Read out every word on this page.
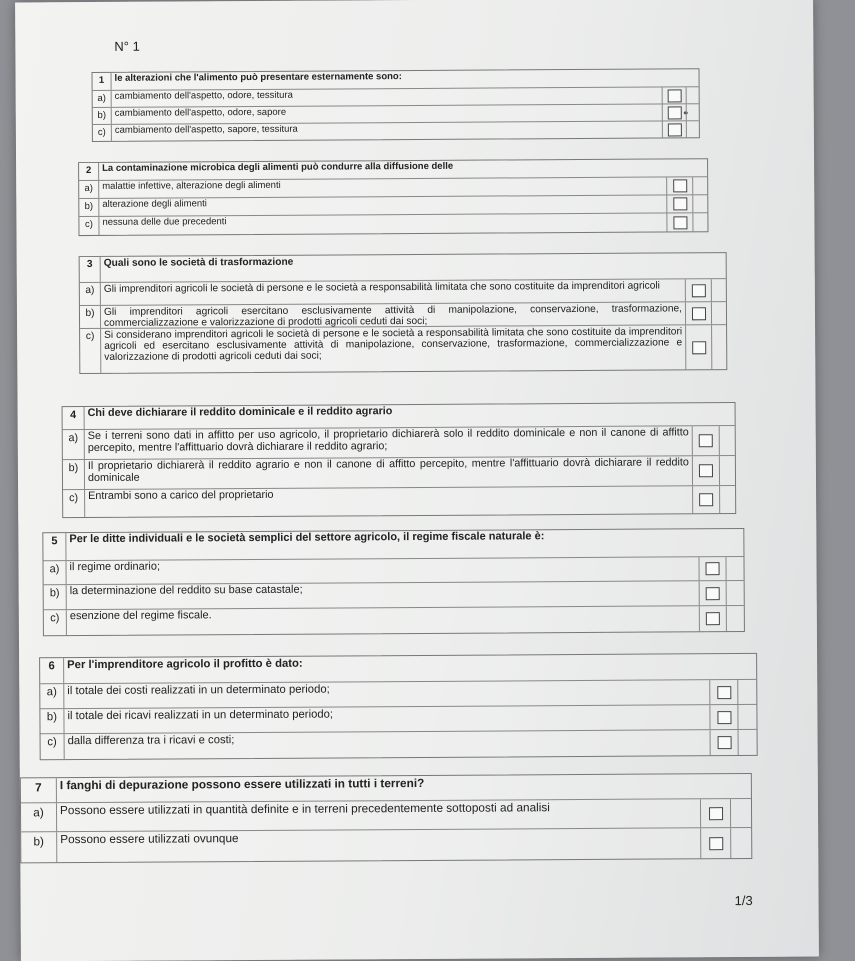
N° 1
1	le alterazioni che l'alimento può presentare esternamente sono:
a) cambiamento dell'aspetto, odore, tessitura
b) cambiamento dell'aspetto, odore, sapore
c) cambiamento dell'aspetto, sapore, tessitura
2	La contaminazione microbica degli alimenti può condurre alla diffusione delle
a) malattie infettive, alterazione degli alimenti
b) alterazione degli alimenti
c) nessuna delle due precedenti
3	Quali sono le società di trasformazione
a) Gli imprenditori agricoli le società di persone e le società a responsabilità limitata che sono costituite da imprenditori agricoli
b) Gli imprenditori agricoli esercitano esclusivamente attività di manipolazione, conservazione, trasformazione, commercializzazione e valorizzazione di prodotti agricoli ceduti dai soci;
c) Si considerano imprenditori agricoli le società di persone e le società a responsabilità limitata che sono costituite da imprenditori agricoli ed esercitano esclusivamente attività di manipolazione, conservazione, trasformazione, commercializzazione e valorizzazione di prodotti agricoli ceduti dai soci;
4	Chi deve dichiarare il reddito dominicale e il reddito agrario
a) Se i terreni sono dati in affitto per uso agricolo, il proprietario dichiarerà solo il reddito dominicale e non il canone di affitto percepito, mentre l'affittuario dovrà dichiarare il reddito agrario;
b) Il proprietario dichiarerà il reddito agrario e non il canone di affitto percepito, mentre l'affittuario dovrà dichiarare il reddito dominicale
c) Entrambi sono a carico del proprietario
5	Per le ditte individuali e le società semplici del settore agricolo, il regime fiscale naturale è:
a) il regime ordinario;
b) la determinazione del reddito su base catastale;
c) esenzione del regime fiscale.
6	Per l'imprenditore agricolo il profitto è dato:
a) il totale dei costi realizzati in un determinato periodo;
b) il totale dei ricavi realizzati in un determinato periodo;
c) dalla differenza tra i ricavi e costi;
7	I fanghi di depurazione possono essere utilizzati in tutti i terreni?
a)	Possono essere utilizzati in quantità definite e in terreni precedentemente sottoposti ad analisi
b)	Possono essere utilizzati ovunque
1/3
